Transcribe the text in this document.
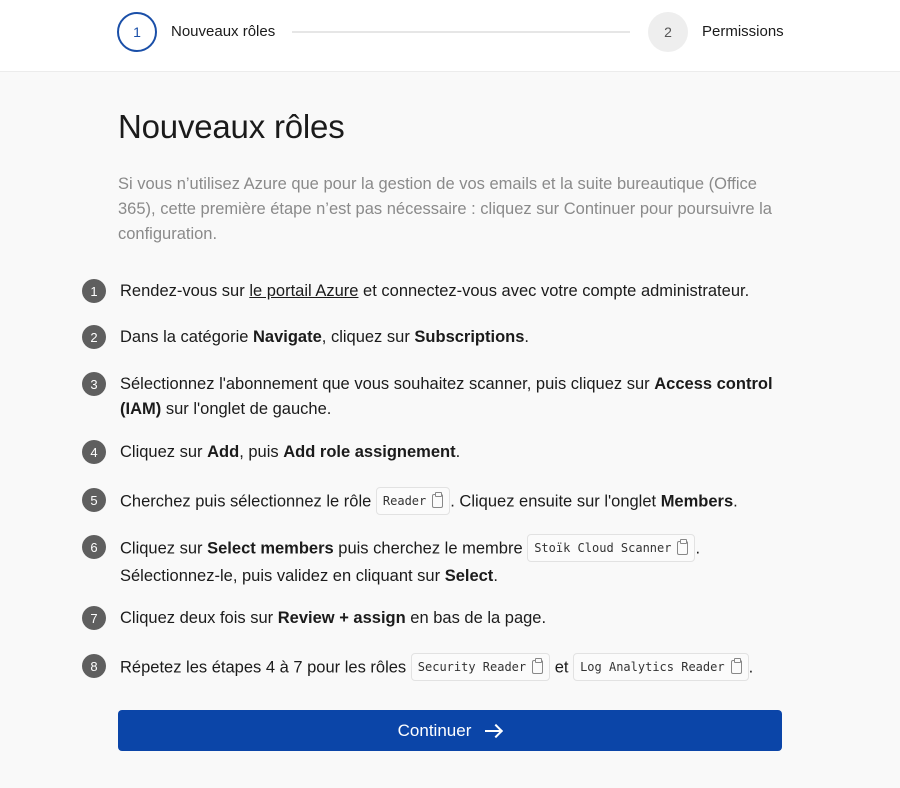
1	Nouveaux rôles	2	Permissions
Nouveaux rôles

Si vous n’utilisez Azure que pour la gestion de vos emails et la suite bureautique (Office 365), cette première étape n’est pas nécessaire : cliquez sur Continuer pour poursuivre la configuration.

1	Rendez-vous sur le portail Azure et connectez-vous avec votre compte administrateur.
2	Dans la catégorie Navigate, cliquez sur Subscriptions.
3	Sélectionnez l'abonnement que vous souhaitez scanner, puis cliquez sur Access control (IAM) sur l'onglet de gauche.
4	Cliquez sur Add, puis Add role assignement.
5	Cherchez puis sélectionnez le rôle Reader . Cliquez ensuite sur l'onglet Members.
6	Cliquez sur Select members puis cherchez le membre Stoïk Cloud Scanner . Sélectionnez-le, puis validez en cliquant sur Select.
7	Cliquez deux fois sur Review + assign en bas de la page.
8	Répetez les étapes 4 à 7 pour les rôles Security Reader et Log Analytics Reader .
Continuer
